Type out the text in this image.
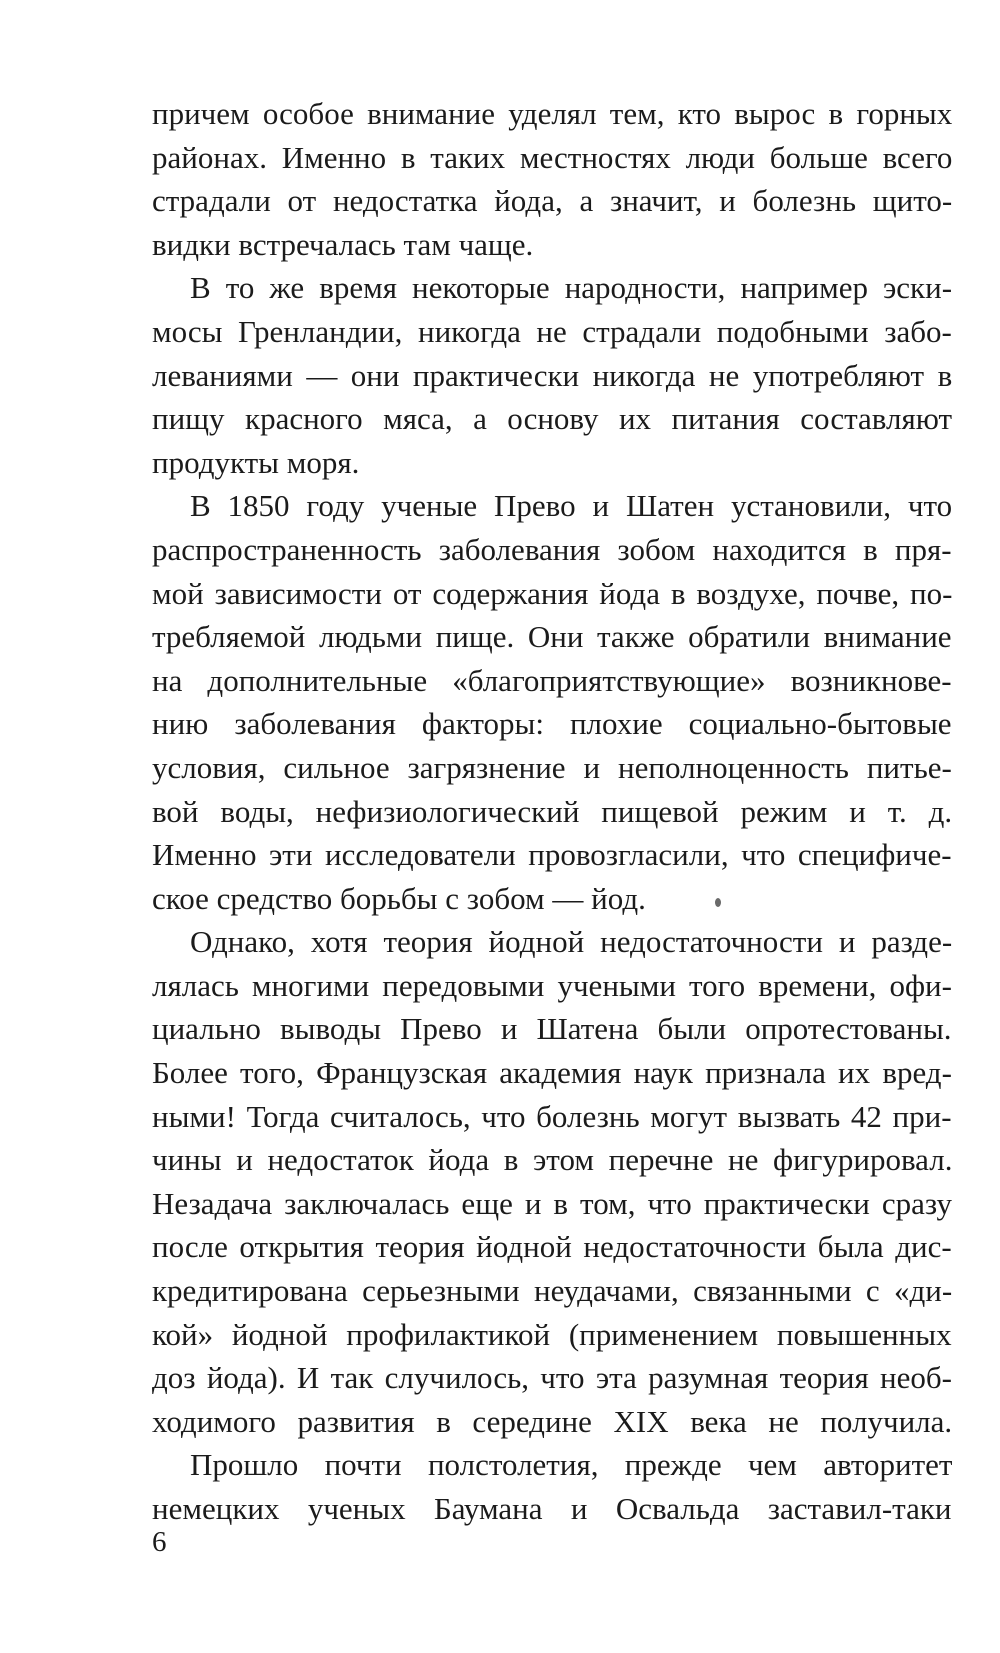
причем особое внимание уделял тем, кто вырос в горных
районах. Именно в таких местностях люди больше всего
страдали от недостатка йода, а значит, и болезнь щито-
видки встречалась там чаще.
В то же время некоторые народности, например эски-
мосы Гренландии, никогда не страдали подобными забо-
леваниями — они практически никогда не употребляют в
пищу красного мяса, а основу их питания составляют
продукты моря.
В 1850 году ученые Прево и Шатен установили, что
распространенность заболевания зобом находится в пря-
мой зависимости от содержания йода в воздухе, почве, по-
требляемой людьми пище. Они также обратили внимание
на дополнительные «благоприятствующие» возникнове-
нию заболевания факторы: плохие социально-бытовые
условия, сильное загрязнение и неполноценность питье-
вой воды, нефизиологический пищевой режим и т. д.
Именно эти исследователи провозгласили, что специфиче-
ское средство борьбы с зобом — йод.
Однако, хотя теория йодной недостаточности и разде-
лялась многими передовыми учеными того времени, офи-
циально выводы Прево и Шатена были опротестованы.
Более того, Французская академия наук признала их вред-
ными! Тогда считалось, что болезнь могут вызвать 42 при-
чины и недостаток йода в этом перечне не фигурировал.
Незадача заключалась еще и в том, что практически сразу
после открытия теория йодной недостаточности была дис-
кредитирована серьезными неудачами, связанными с «ди-
кой» йодной профилактикой (применением повышенных
доз йода). И так случилось, что эта разумная теория необ-
ходимого развития в середине XIX века не получила.
Прошло почти полстолетия, прежде чем авторитет
немецких ученых Баумана и Освальда заставил-таки
6
